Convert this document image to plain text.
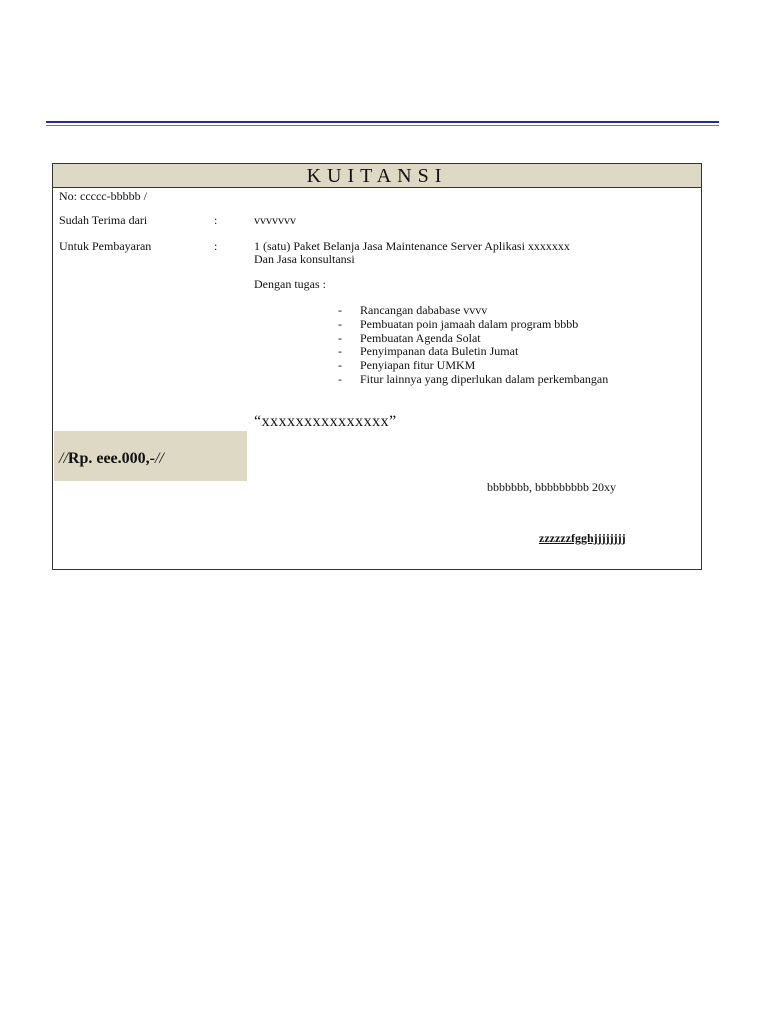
KUITANSI
No: ccccc-bbbbb /
Sudah Terima dari	:	vvvvvvv
Untuk Pembayaran	:	1 (satu) Paket Belanja Jasa Maintenance Server Aplikasi xxxxxxx
Dan Jasa konsultansi
Dengan tugas :
- Rancangan dababase vvvv
- Pembuatan poin jamaah dalam program bbbb
- Pembuatan Agenda Solat
- Penyimpanan data Buletin Jumat
- Penyiapan fitur UMKM
- Fitur lainnya yang diperlukan dalam perkembangan
“xxxxxxxxxxxxxxx”
//Rp. eee.000,-//
bbbbbbb, bbbbbbbbb 20xy
zzzzzzfgghjjjjjjjj
